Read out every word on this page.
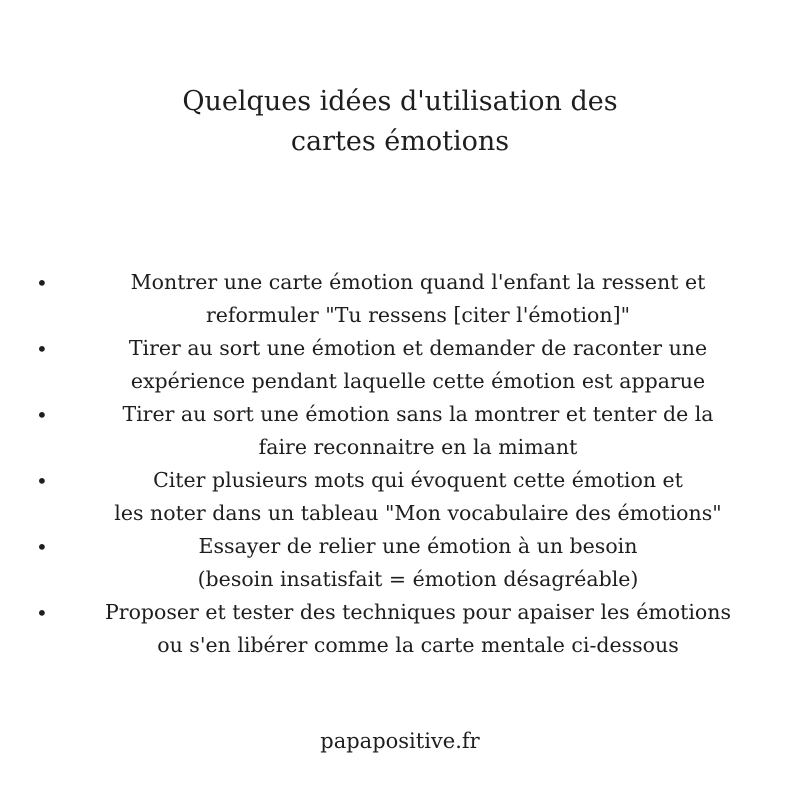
Quelques idées d'utilisation des
cartes émotions
•	Montrer une carte émotion quand l'enfant la ressent et
reformuler "Tu ressens [citer l'émotion]"
•	Tirer au sort une émotion et demander de raconter une
expérience pendant laquelle cette émotion est apparue
•	Tirer au sort une émotion sans la montrer et tenter de la
faire reconnaitre en la mimant
•	Citer plusieurs mots qui évoquent cette émotion et
les noter dans un tableau "Mon vocabulaire des émotions"
•	Essayer de relier une émotion à un besoin
(besoin insatisfait = émotion désagréable)
•	Proposer et tester des techniques pour apaiser les émotions
ou s'en libérer comme la carte mentale ci-dessous
papapositive.fr
